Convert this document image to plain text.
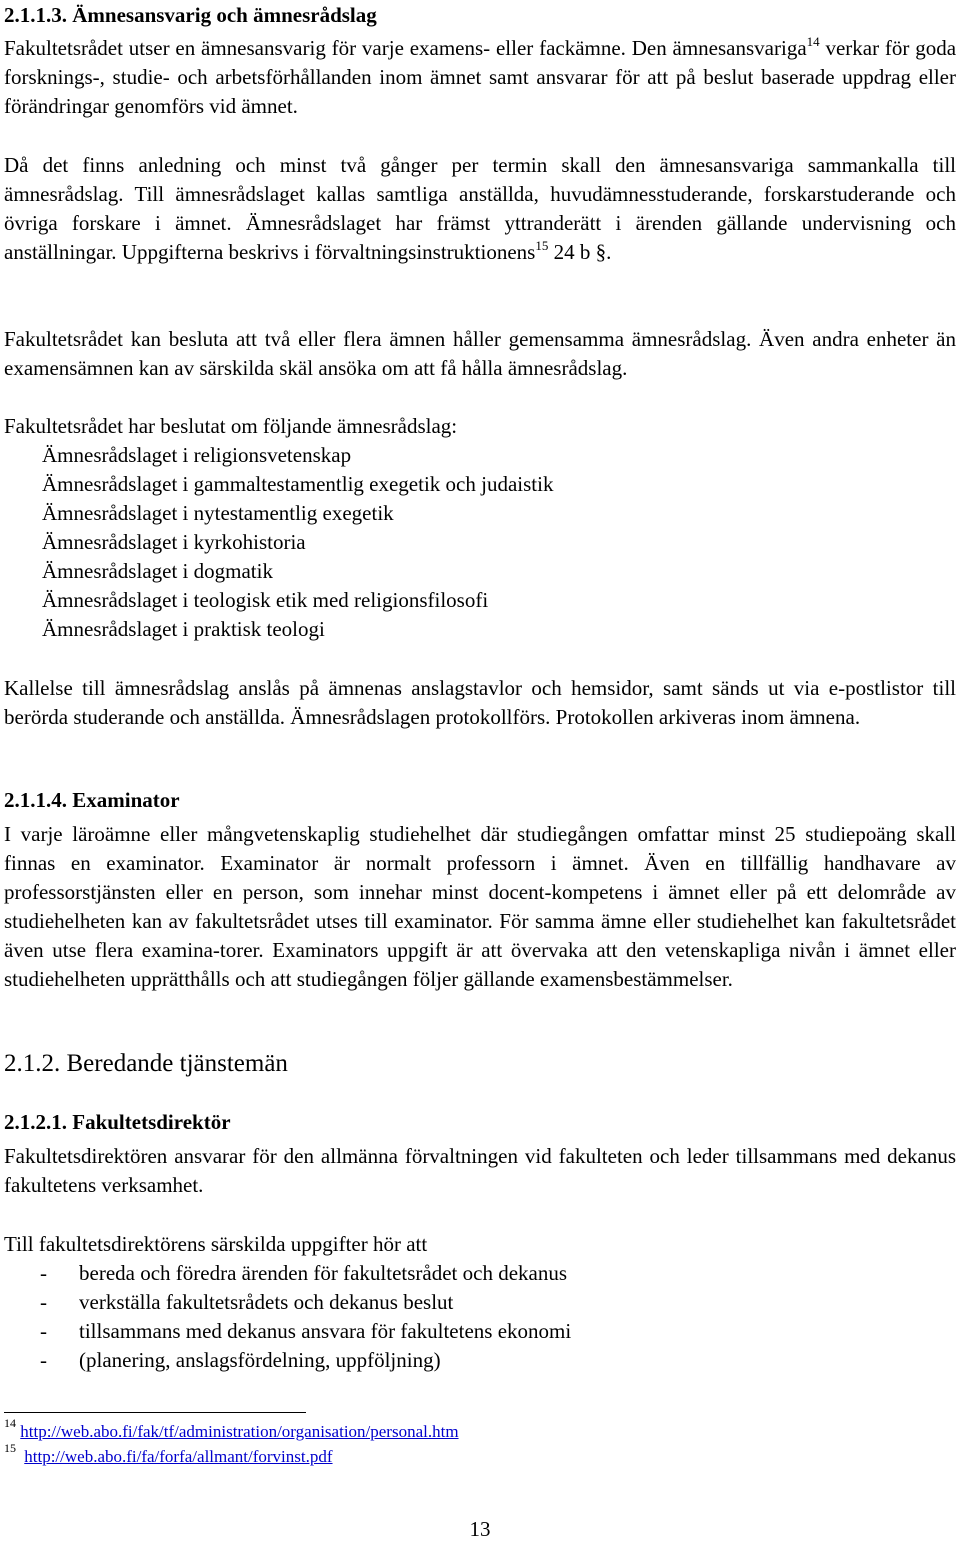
2.1.1.3. Ämnesansvarig och ämnesrådslag

Fakultetsrådet utser en ämnesansvarig för varje examens- eller fackämne. Den ämnesansvariga$^{14}$ verkar för goda forsknings-, studie- och arbetsförhållanden inom ämnet samt ansvarar för att på beslut baserade uppdrag eller förändringar genomförs vid ämnet.

Då det finns anledning och minst två gånger per termin skall den ämnesansvariga sammankalla till ämnesrådslag. Till ämnesrådslaget kallas samtliga anställda, huvudämnesstuderande, forskarstuderande och övriga forskare i ämnet. Ämnesrådslaget har främst yttranderätt i ärenden gällande undervisning och anställningar. Uppgifterna beskrivs i förvaltningsinstruktionens$^{15}$ 24 b §.

Fakultetsrådet kan besluta att två eller flera ämnen håller gemensamma ämnesrådslag. Även andra enheter än examensämnen kan av särskilda skäl ansöka om att få hålla ämnesrådslag.

Fakultetsrådet har beslutat om följande ämnesrådslag:

Ämnesrådslaget i religionsvetenskap
Ämnesrådslaget i gammaltestamentlig exegetik och judaistik
Ämnesrådslaget i nytestamentlig exegetik
Ämnesrådslaget i kyrkohistoria
Ämnesrådslaget i dogmatik
Ämnesrådslaget i teologisk etik med religionsfilosofi
Ämnesrådslaget i praktisk teologi

Kallelse till ämnesrådslag anslås på ämnenas anslagstavlor och hemsidor, samt sänds ut via e-postlistor till berörda studerande och anställda. Ämnesrådslagen protokollförs. Protokollen arkiveras inom ämnena.

2.1.1.4. Examinator

I varje läroämne eller mångvetenskaplig studiehelhet där studiegången omfattar minst 25 studiepoäng skall finnas en examinator. Examinator är normalt professorn i ämnet. Även en tillfällig handhavare av professorstjänsten eller en person, som innehar minst docent-kompetens i ämnet eller på ett delområde av studiehelheten kan av fakultetsrådet utses till examinator. För samma ämne eller studiehelhet kan fakultetsrådet även utse flera examina-torer. Examinators uppgift är att övervaka att den vetenskapliga nivån i ämnet eller studiehelheten upprätthålls och att studiegången följer gällande examensbestämmelser.

2.1.2. Beredande tjänstemän
2.1.2.1. Fakultetsdirektör

Fakultetsdirektören ansvarar för den allmänna förvaltningen vid fakulteten och leder tillsammans med dekanus fakultetens verksamhet.

Till fakultetsdirektörens särskilda uppgifter hör att

- bereda och föredra ärenden för fakultetsrådet och dekanus
- verkställa fakultetsrådets och dekanus beslut
- tillsammans med dekanus ansvara för fakultetens ekonomi
- (planering, anslagsfördelning, uppföljning)
$^{14}$ http://web.abo.fi/fak/tf/administration/organisation/personal.htm
$^{15}$ http://web.abo.fi/fa/forfa/allmant/forvinst.pdf
13
